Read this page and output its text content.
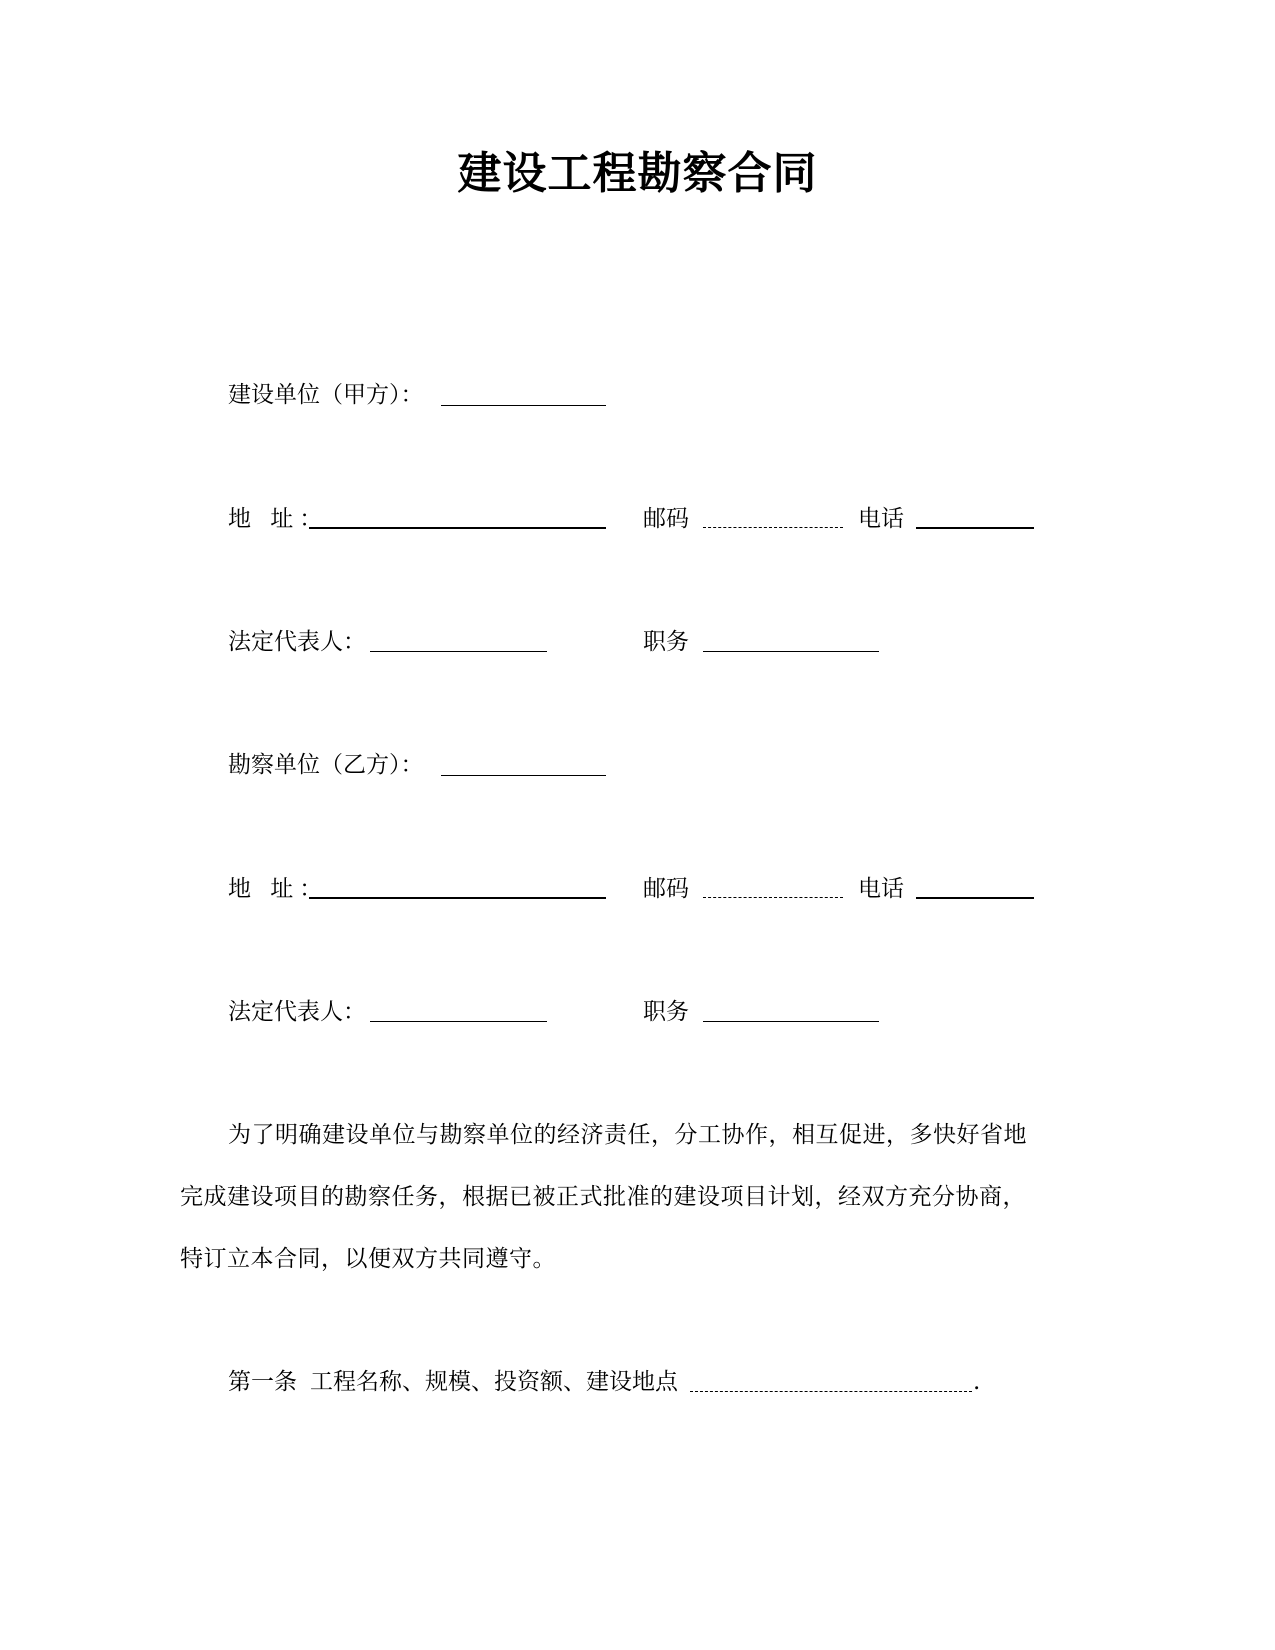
建设工程勘察合同
建设单位（甲方）：
地 址：	邮码	电话
法定代表人：	职务
勘察单位（乙方）：
地 址：	邮码	电话
法定代表人：	职务
为了明确建设单位与勘察单位的经济责任，分工协作，相互促进，多快好省地
完成建设项目的勘察任务，根据已被正式批准的建设项目计划，经双方充分协商，
特订立本合同，以便双方共同遵守。
第一条 工程名称、规模、投资额、建设地点	.
